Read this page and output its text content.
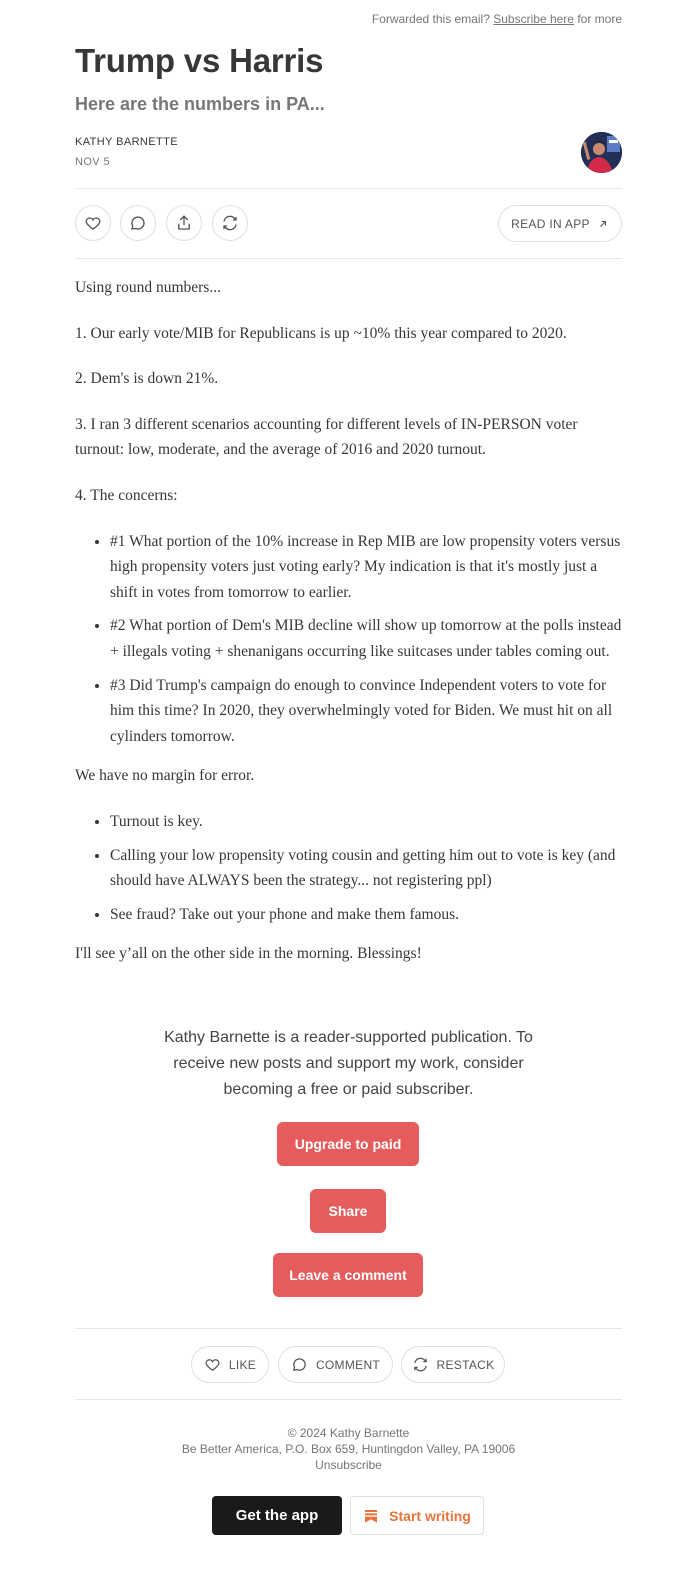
Forwarded this email? Subscribe here for more
Trump vs Harris
Here are the numbers in PA...
KATHY BARNETTE
NOV 5
READ IN APP

Using round numbers...

1. Our early vote/MIB for Republicans is up ~10% this year compared to 2020.

2. Dem's is down 21%.

3. I ran 3 different scenarios accounting for different levels of IN-PERSON voter turnout: low, moderate, and the average of 2016 and 2020 turnout.

4. The concerns:

• #1 What portion of the 10% increase in Rep MIB are low propensity voters versus high propensity voters just voting early? My indication is that it's mostly just a shift in votes from tomorrow to earlier.
• #2 What portion of Dem's MIB decline will show up tomorrow at the polls instead + illegals voting + shenanigans occurring like suitcases under tables coming out.
• #3 Did Trump's campaign do enough to convince Independent voters to vote for him this time? In 2020, they overwhelmingly voted for Biden. We must hit on all cylinders tomorrow.

We have no margin for error.

• Turnout is key.
• Calling your low propensity voting cousin and getting him out to vote is key (and should have ALWAYS been the strategy... not registering ppl)
• See fraud? Take out your phone and make them famous.

I'll see y’all on the other side in the morning. Blessings!

Kathy Barnette is a reader-supported publication. To receive new posts and support my work, consider becoming a free or paid subscriber.
Upgrade to paid
Share
Leave a comment
LIKE	COMMENT	RESTACK
© 2024 Kathy Barnette
Be Better America, P.O. Box 659, Huntingdon Valley, PA 19006
Unsubscribe
Get the app	Start writing
